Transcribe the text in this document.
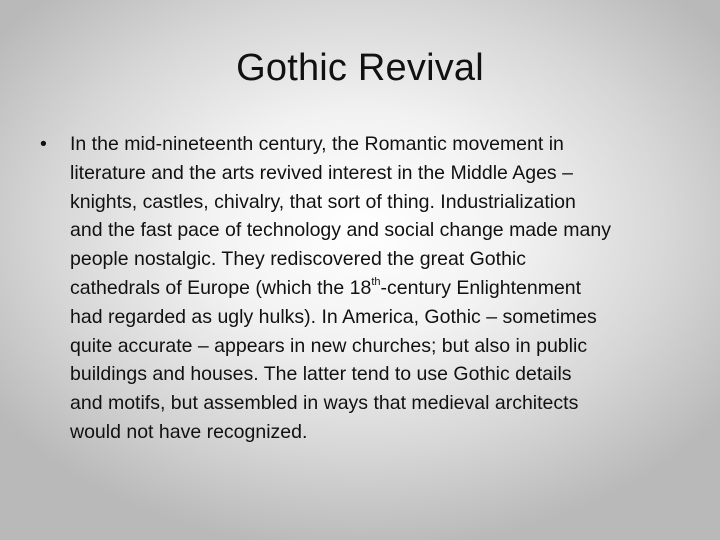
Gothic Revival
• In the mid-nineteenth century, the Romantic movement in
literature and the arts revived interest in the Middle Ages –
knights, castles, chivalry, that sort of thing. Industrialization
and the fast pace of technology and social change made many
people nostalgic. They rediscovered the great Gothic
cathedrals of Europe (which the 18th-century Enlightenment
had regarded as ugly hulks). In America, Gothic – sometimes
quite accurate – appears in new churches; but also in public
buildings and houses. The latter tend to use Gothic details
and motifs, but assembled in ways that medieval architects
would not have recognized.
